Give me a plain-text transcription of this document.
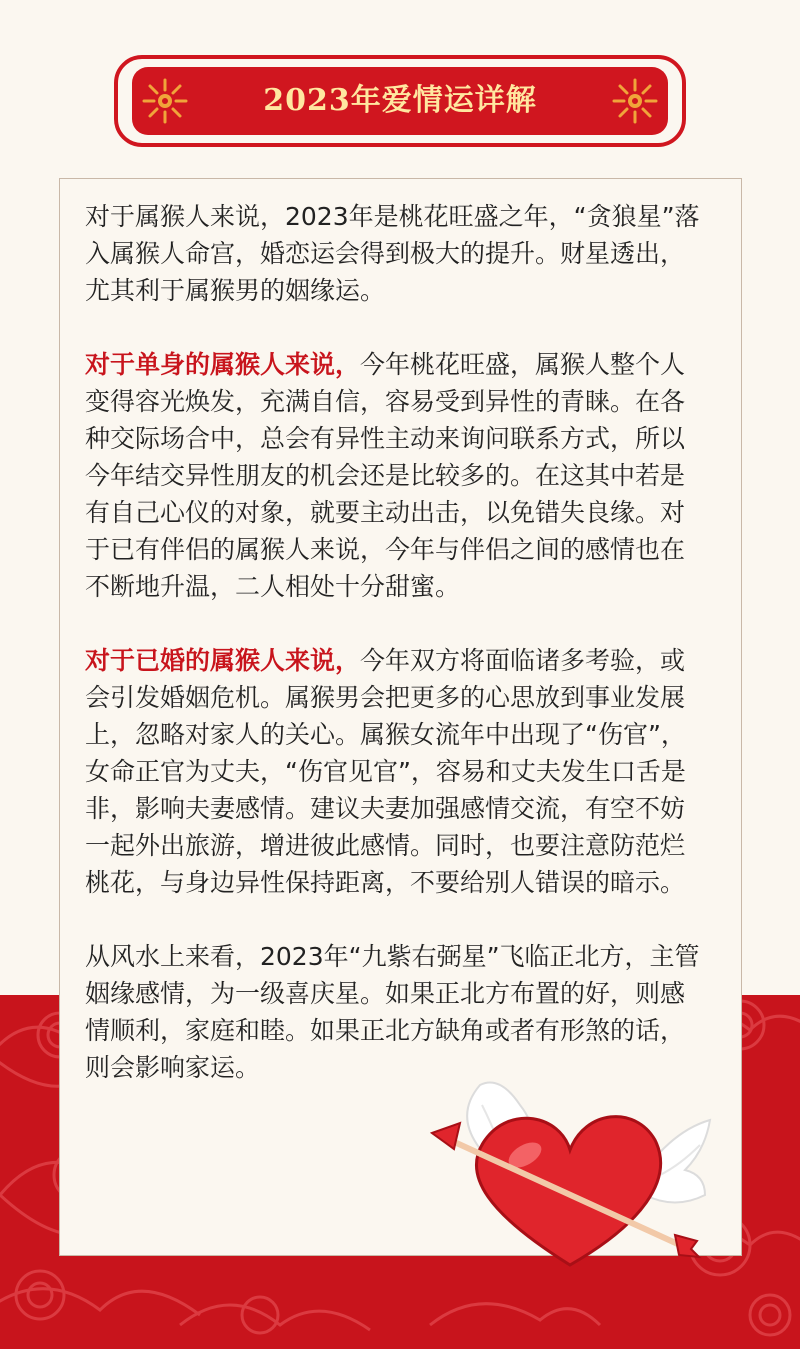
2023年爱情运详解

对于属猴人来说，2023年是桃花旺盛之年，“贪狼星”落入属猴人命宫，婚恋运会得到极大的提升。财星透出，尤其利于属猴男的姻缘运。

对于单身的属猴人来说，今年桃花旺盛，属猴人整个人变得容光焕发，充满自信，容易受到异性的青睐。在各种交际场合中，总会有异性主动来询问联系方式，所以今年结交异性朋友的机会还是比较多的。在这其中若是有自己心仪的对象，就要主动出击，以免错失良缘。对于已有伴侣的属猴人来说，今年与伴侣之间的感情也在不断地升温，二人相处十分甜蜜。

对于已婚的属猴人来说，今年双方将面临诸多考验，或会引发婚姻危机。属猴男会把更多的心思放到事业发展上，忽略对家人的关心。属猴女流年中出现了“伤官”，女命正官为丈夫，“伤官见官”，容易和丈夫发生口舌是非，影响夫妻感情。建议夫妻加强感情交流，有空不妨一起外出旅游，增进彼此感情。同时，也要注意防范烂桃花，与身边异性保持距离，不要给别人错误的暗示。

从风水上来看，2023年“九紫右弼星”飞临正北方，主管姻缘感情，为一级喜庆星。如果正北方布置的好，则感情顺利，家庭和睦。如果正北方缺角或者有形煞的话，则会影响家运。
